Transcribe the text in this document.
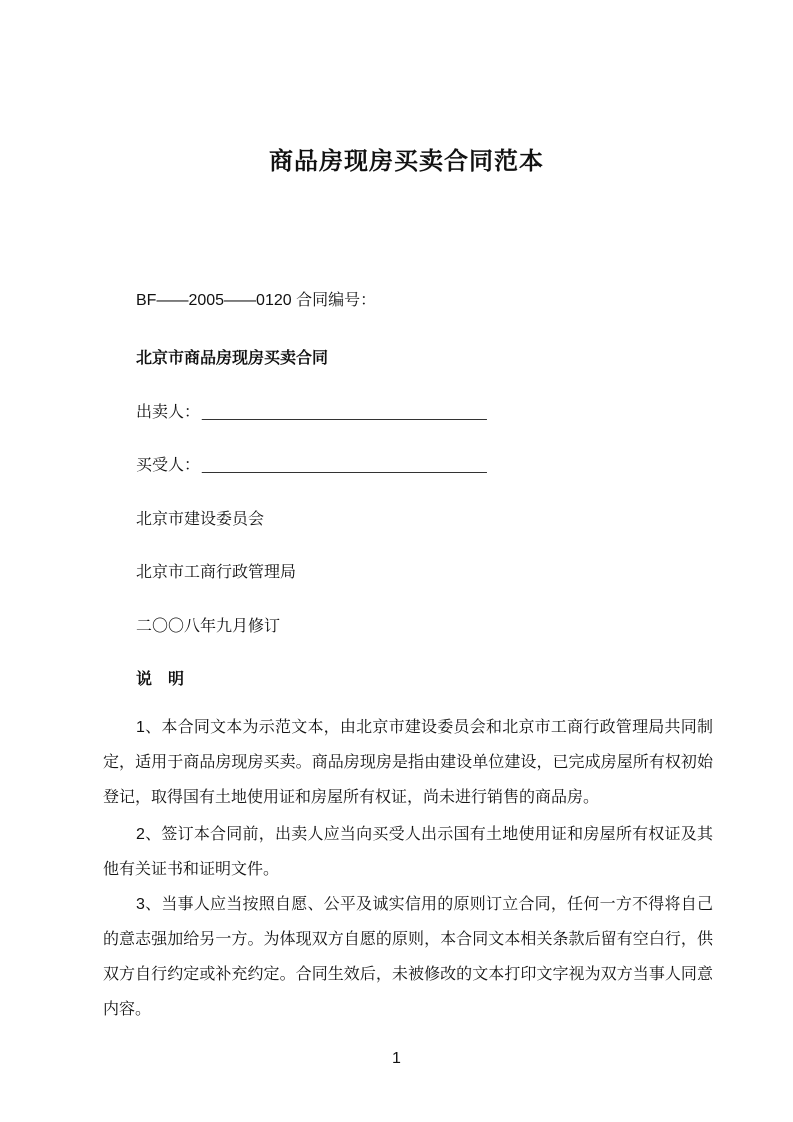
商品房现房买卖合同范本
BF——2005——0120 合同编号：
北京市商品房现房买卖合同
出卖人： ________________________________
买受人： ________________________________
北京市建设委员会
北京市工商行政管理局
二〇〇八年九月修订
说　明
1、本合同文本为示范文本，由北京市建设委员会和北京市工商行政管理局共同制定，适用于商品房现房买卖。商品房现房是指由建设单位建设，已完成房屋所有权初始登记，取得国有土地使用证和房屋所有权证，尚未进行销售的商品房。
2、签订本合同前，出卖人应当向买受人出示国有土地使用证和房屋所有权证及其他有关证书和证明文件。
3、当事人应当按照自愿、公平及诚实信用的原则订立合同，任何一方不得将自己的意志强加给另一方。为体现双方自愿的原则，本合同文本相关条款后留有空白行，供双方自行约定或补充约定。合同生效后，未被修改的文本打印文字视为双方当事人同意内容。
1
